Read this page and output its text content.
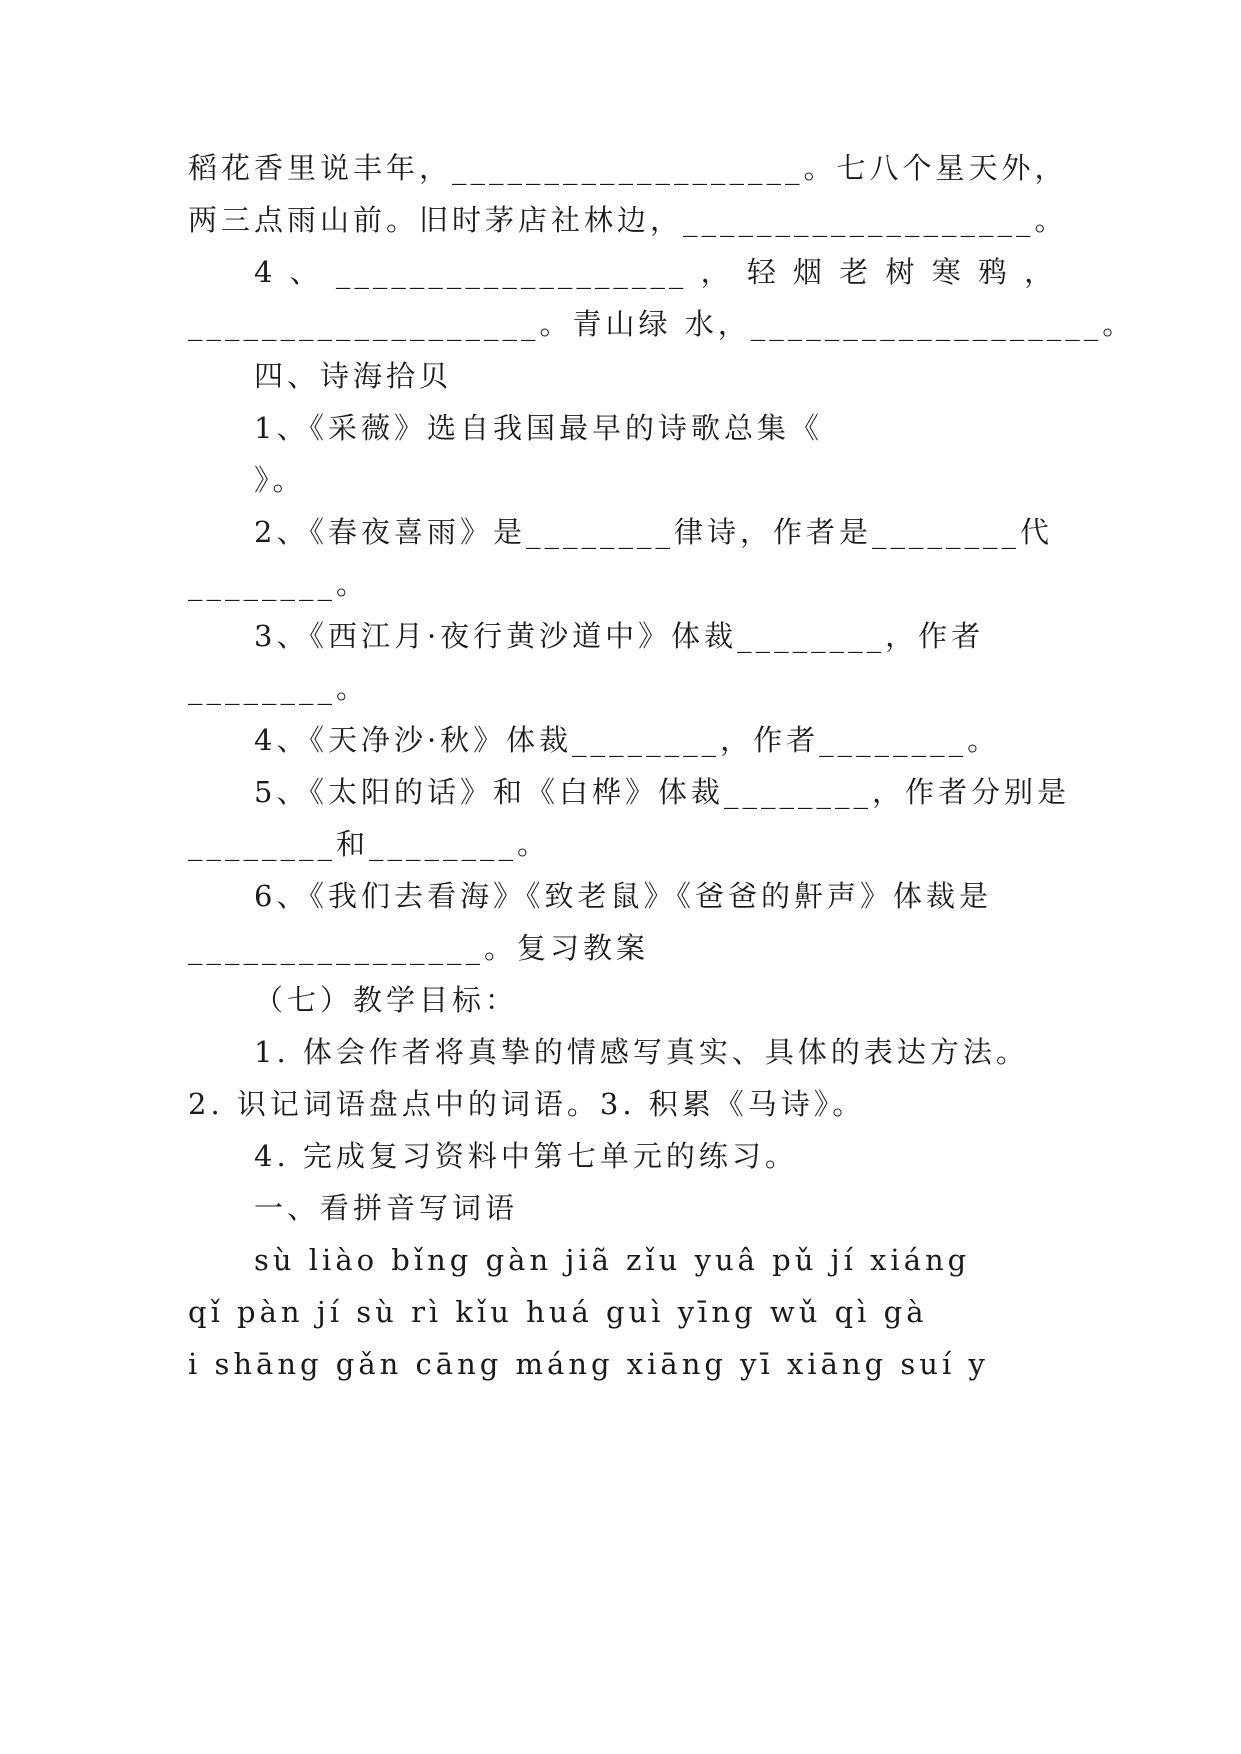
稻花香里说丰年，___________________。七八个星天外，
两三点雨山前。旧时茅店社林边，___________________。
4 、 ___________________ ， 轻 烟 老 树 寒 鸦 ，
___________________。青山绿 水，___________________。
四、诗海拾贝
1、《采薇》选自我国最早的诗歌总集《
》。
2、《春夜喜雨》是________律诗，作者是________代
________。
3、《西江月·夜行黄沙道中》体裁________，作者
________。
4、《天净沙·秋》体裁________，作者________。
5、《太阳的话》和《白桦》体裁________，作者分别是
________和________。
6、《我们去看海》《致老鼠》《爸爸的鼾声》体裁是
________________。复习教案
（七）教学目标：
1. 体会作者将真挚的情感写真实、具体的表达方法。
2. 识记词语盘点中的词语。3. 积累《马诗》。
4. 完成复习资料中第七单元的练习。
一、看拼音写词语
sù liào bǐng gàn jiã zǐu yuâ pǔ jí xiáng
qǐ pàn jí sù rì kǐu huá guì yīng wǔ qì gà
i shāng gǎn cāng máng xiāng yī xiāng suí y
